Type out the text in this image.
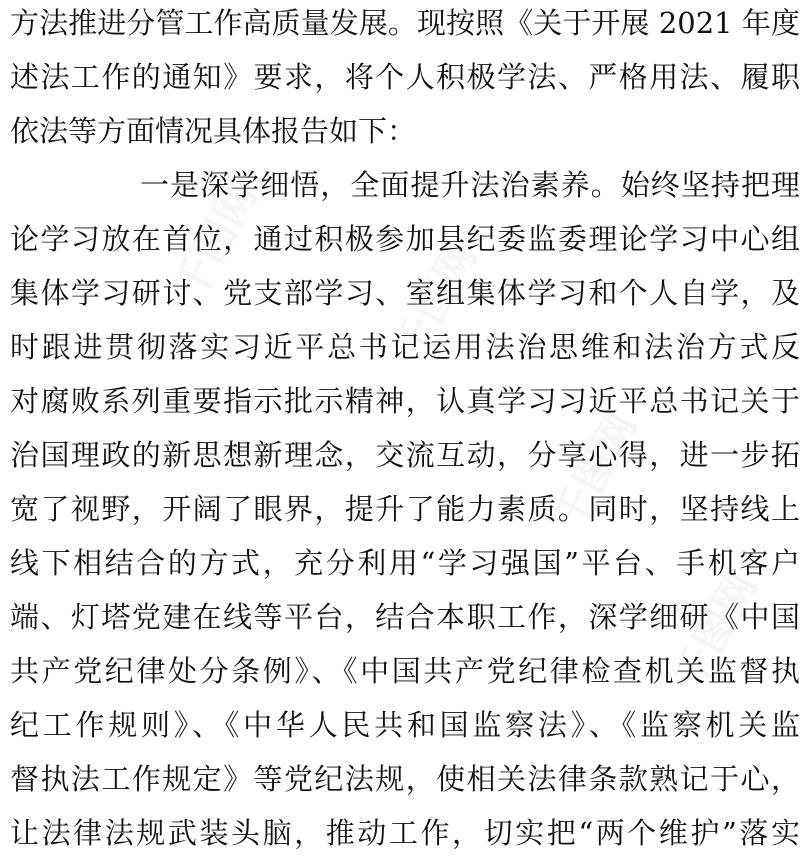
千图网	千图网
千图网
千图网
方法推进分管工作高质量发展。现按照《关于开展 2021 年度
述法工作的通知》要求，将个人积极学法、严格用法、履职
依法等方面情况具体报告如下：
一是深学细悟，全面提升法治素养。始终坚持把理
论学习放在首位，通过积极参加县纪委监委理论学习中心组
集体学习研讨、党支部学习、室组集体学习和个人自学，及
时跟进贯彻落实习近平总书记运用法治思维和法治方式反
对腐败系列重要指示批示精神，认真学习习近平总书记关于
治国理政的新思想新理念，交流互动，分享心得，进一步拓
宽了视野，开阔了眼界，提升了能力素质。同时，坚持线上
线下相结合的方式，充分利用“学习强国”平台、手机客户
端、灯塔党建在线等平台，结合本职工作，深学细研《中国
共产党纪律处分条例》、《中国共产党纪律检查机关监督执
纪工作规则》、《中华人民共和国监察法》、《监察机关监
督执法工作规定》等党纪法规，使相关法律条款熟记于心，
让法律法规武装头脑，推动工作，切实把“两个维护”落实
